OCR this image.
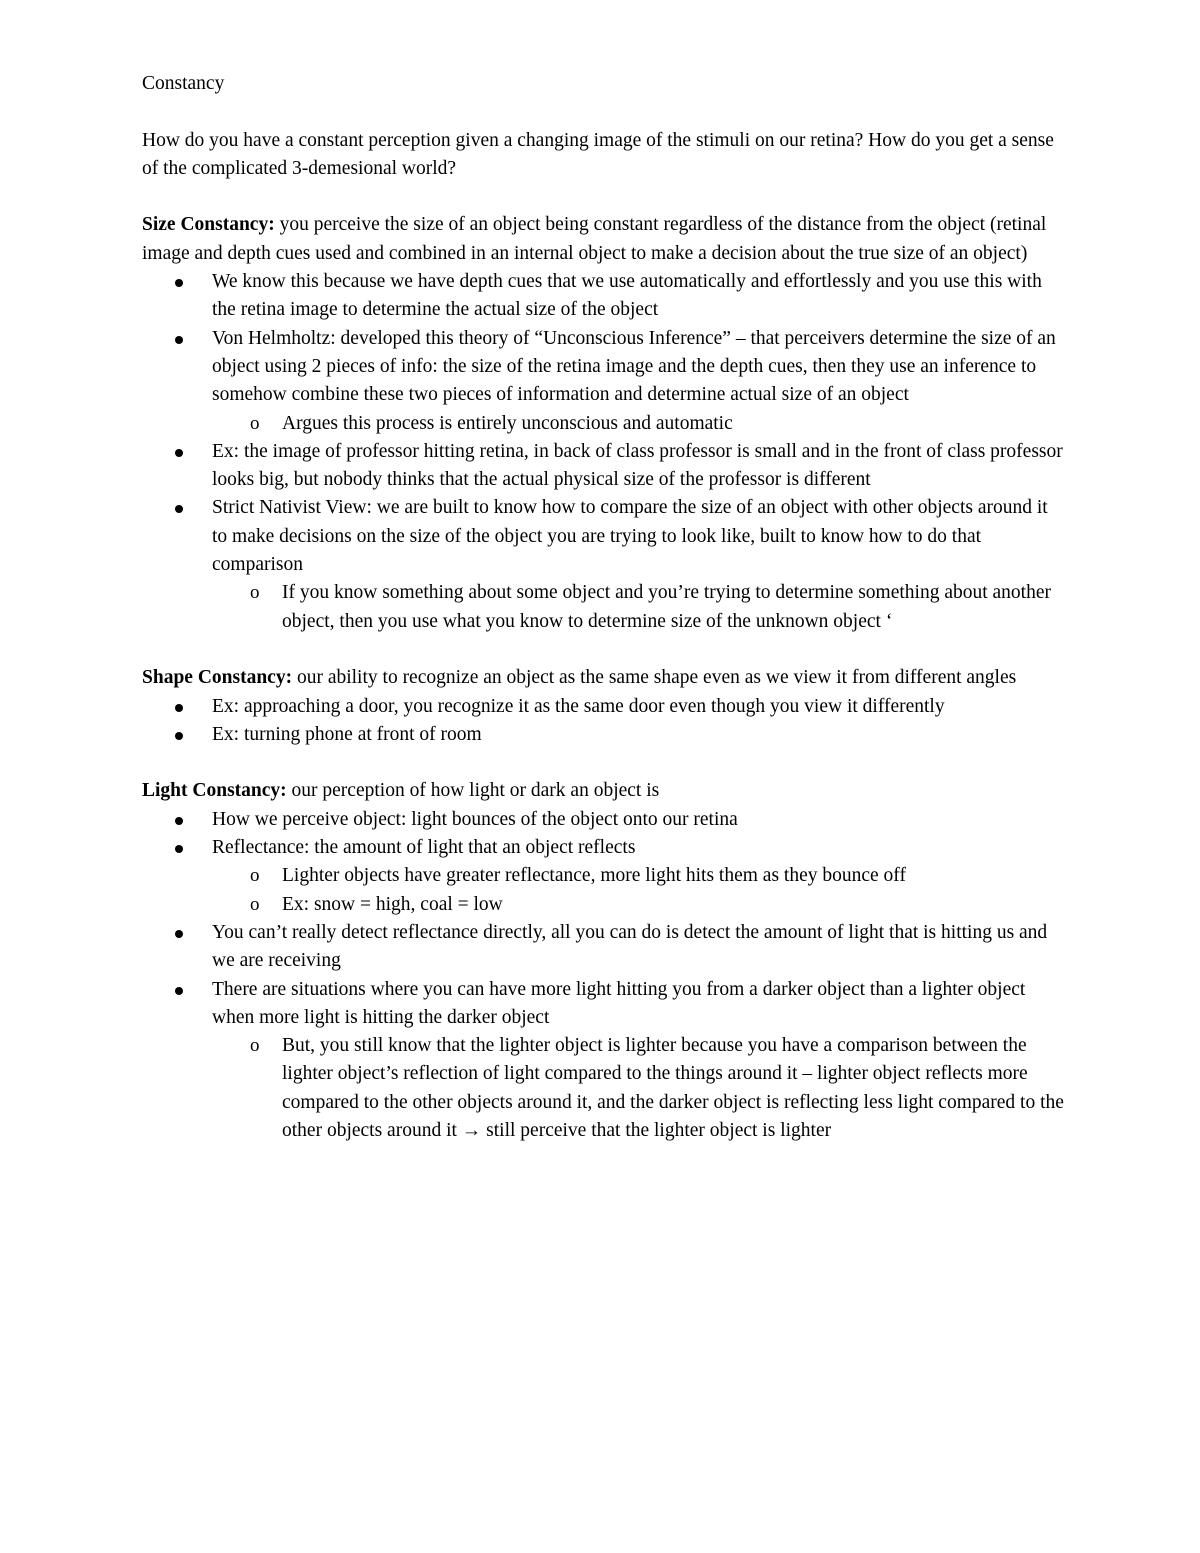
Constancy

How do you have a constant perception given a changing image of the stimuli on our retina? How do you get a sense of the complicated 3-demesional world?

Size Constancy: you perceive the size of an object being constant regardless of the distance from the object (retinal image and depth cues used and combined in an internal object to make a decision about the true size of an object)

We know this because we have depth cues that we use automatically and effortlessly and you use this with the retina image to determine the actual size of the object
Von Helmholtz: developed this theory of “Unconscious Inference” – that perceivers determine the size of an object using 2 pieces of info: the size of the retina image and the depth cues, then they use an inference to somehow combine these two pieces of information and determine actual size of an object
o Argues this process is entirely unconscious and automatic
Ex: the image of professor hitting retina, in back of class professor is small and in the front of class professor looks big, but nobody thinks that the actual physical size of the professor is different
Strict Nativist View: we are built to know how to compare the size of an object with other objects around it to make decisions on the size of the object you are trying to look like, built to know how to do that comparison
o If you know something about some object and you’re trying to determine something about another object, then you use what you know to determine size of the unknown object ‘

Shape Constancy: our ability to recognize an object as the same shape even as we view it from different angles

Ex: approaching a door, you recognize it as the same door even though you view it differently
Ex: turning phone at front of room

Light Constancy: our perception of how light or dark an object is

How we perceive object: light bounces of the object onto our retina
Reflectance: the amount of light that an object reflects
o Lighter objects have greater reflectance, more light hits them as they bounce off
o Ex: snow = high, coal = low
You can’t really detect reflectance directly, all you can do is detect the amount of light that is hitting us and we are receiving
There are situations where you can have more light hitting you from a darker object than a lighter object when more light is hitting the darker object
o But, you still know that the lighter object is lighter because you have a comparison between the lighter object’s reflection of light compared to the things around it – lighter object reflects more compared to the other objects around it, and the darker object is reflecting less light compared to the other objects around it → still perceive that the lighter object is lighter
